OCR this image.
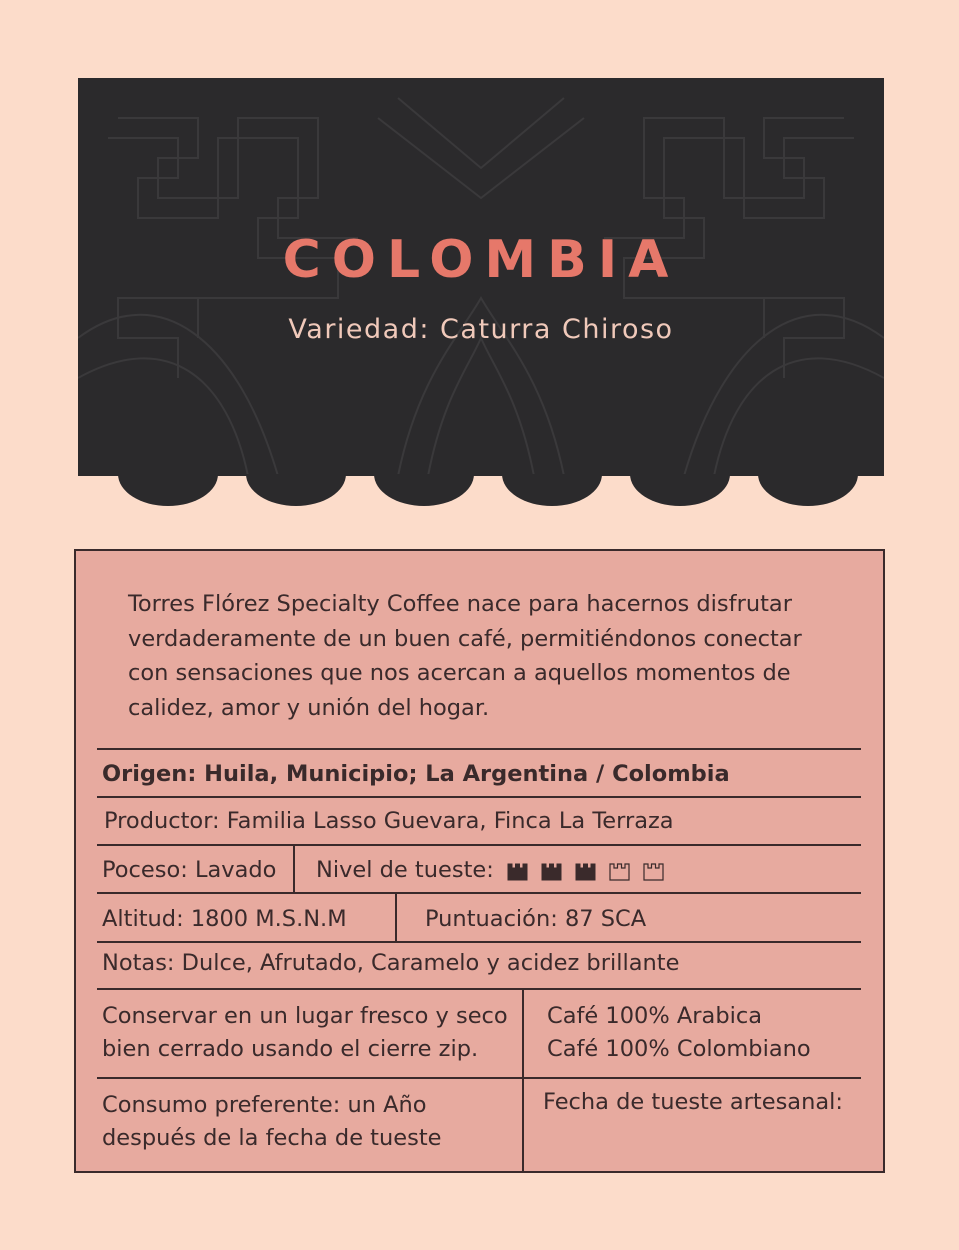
COLOMBIA
Variedad: Caturra Chiroso
Torres Flórez Specialty Coffee nace para hacernos disfrutar verdaderamente de un buen café, permitiéndonos conectar con sensaciones que nos acercan a aquellos momentos de calidez, amor y unión del hogar.
Origen: Huila, Municipio; La Argentina / Colombia
Productor: Familia Lasso Guevara, Finca La Terraza
Poceso: Lavado Nivel de tueste:
Altitud: 1800 M.S.N.M	Puntuación: 87 SCA
Notas: Dulce, Afrutado, Caramelo y acidez brillante
Conservar en un lugar fresco y seco
bien cerrado usando el cierre zip.
Café 100% Arabica
Café 100% Colombiano
Consumo preferente: un Año
después de la fecha de tueste
Fecha de tueste artesanal:
